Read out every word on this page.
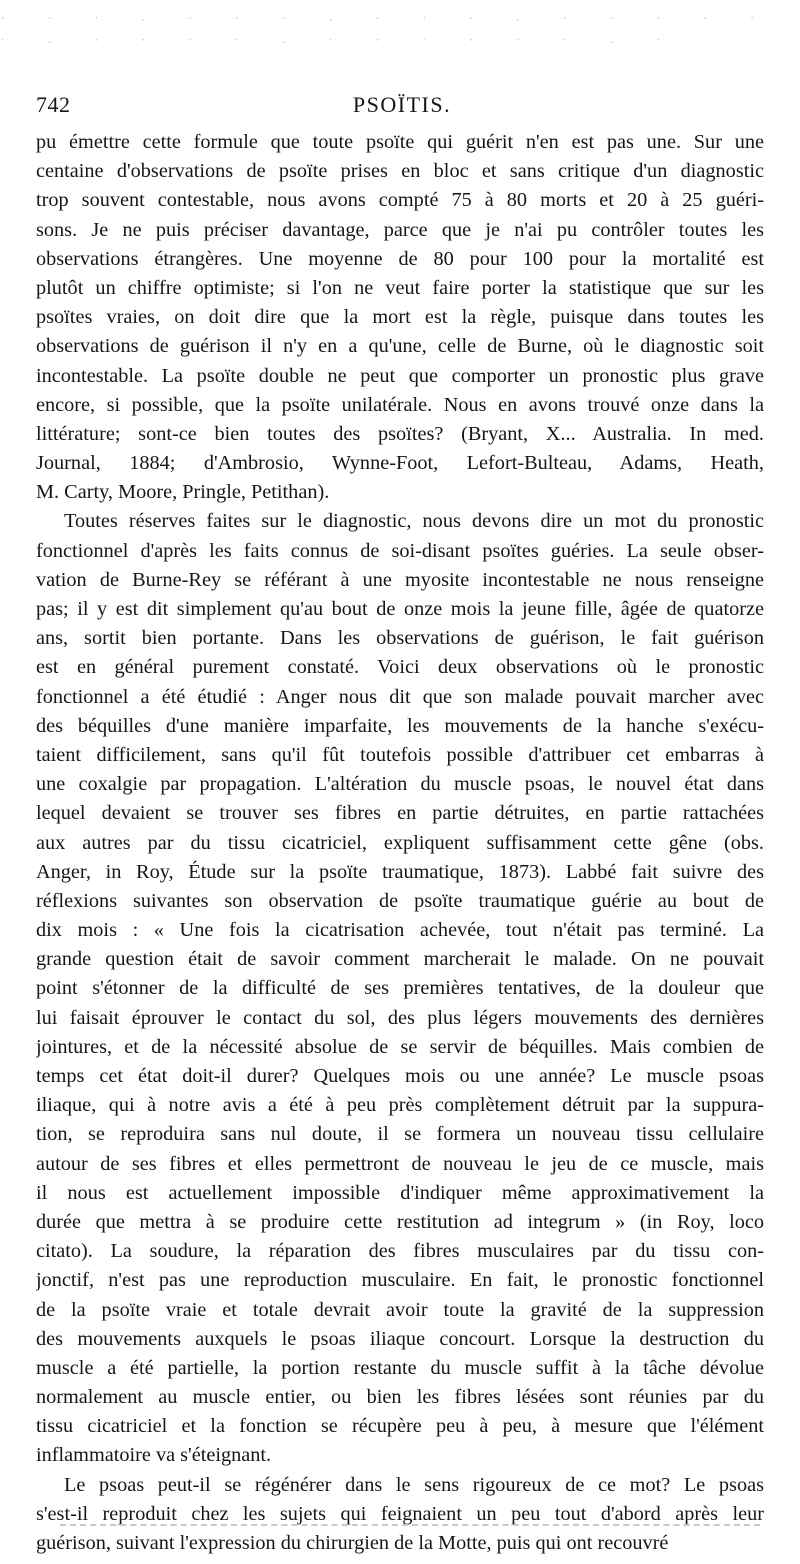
· · · . · · · . · · · . · · · · ·
· . · · · · . · · · · · · . ·
742	PSOÏTIS.

pu émettre cette formule que toute psoïte qui guérit n'en est pas une. Sur une
centaine d'observations de psoïte prises en bloc et sans critique d'un diagnostic
trop souvent contestable, nous avons compté 75 à 80 morts et 20 à 25 guéri-
sons. Je ne puis préciser davantage, parce que je n'ai pu contrôler toutes les
observations étrangères. Une moyenne de 80 pour 100 pour la mortalité est
plutôt un chiffre optimiste; si l'on ne veut faire porter la statistique que sur les
psoïtes vraies, on doit dire que la mort est la règle, puisque dans toutes les
observations de guérison il n'y en a qu'une, celle de Burne, où le diagnostic soit
incontestable. La psoïte double ne peut que comporter un pronostic plus grave
encore, si possible, que la psoïte unilatérale. Nous en avons trouvé onze dans la
littérature; sont-ce bien toutes des psoïtes? (Bryant, X... Australia. In med.
Journal, 1884; d'Ambrosio, Wynne-Foot, Lefort-Bulteau, Adams, Heath,
M. Carty, Moore, Pringle, Petithan).

Toutes réserves faites sur le diagnostic, nous devons dire un mot du pronostic
fonctionnel d'après les faits connus de soi-disant psoïtes guéries. La seule obser-
vation de Burne-Rey se référant à une myosite incontestable ne nous renseigne
pas; il y est dit simplement qu'au bout de onze mois la jeune fille, âgée de quatorze
ans, sortit bien portante. Dans les observations de guérison, le fait guérison
est en général purement constaté. Voici deux observations où le pronostic
fonctionnel a été étudié : Anger nous dit que son malade pouvait marcher avec
des béquilles d'une manière imparfaite, les mouvements de la hanche s'exécu-
taient difficilement, sans qu'il fût toutefois possible d'attribuer cet embarras à
une coxalgie par propagation. L'altération du muscle psoas, le nouvel état dans
lequel devaient se trouver ses fibres en partie détruites, en partie rattachées
aux autres par du tissu cicatriciel, expliquent suffisamment cette gêne (obs.
Anger, in Roy, Étude sur la psoïte traumatique, 1873). Labbé fait suivre des
réflexions suivantes son observation de psoïte traumatique guérie au bout de
dix mois : « Une fois la cicatrisation achevée, tout n'était pas terminé. La
grande question était de savoir comment marcherait le malade. On ne pouvait
point s'étonner de la difficulté de ses premières tentatives, de la douleur que
lui faisait éprouver le contact du sol, des plus légers mouvements des dernières
jointures, et de la nécessité absolue de se servir de béquilles. Mais combien de
temps cet état doit-il durer? Quelques mois ou une année? Le muscle psoas
iliaque, qui à notre avis a été à peu près complètement détruit par la suppura-
tion, se reproduira sans nul doute, il se formera un nouveau tissu cellulaire
autour de ses fibres et elles permettront de nouveau le jeu de ce muscle, mais
il nous est actuellement impossible d'indiquer même approximativement la
durée que mettra à se produire cette restitution ad integrum » (in Roy, loco
citato). La soudure, la réparation des fibres musculaires par du tissu con-
jonctif, n'est pas une reproduction musculaire. En fait, le pronostic fonctionnel
de la psoïte vraie et totale devrait avoir toute la gravité de la suppression
des mouvements auxquels le psoas iliaque concourt. Lorsque la destruction du
muscle a été partielle, la portion restante du muscle suffit à la tâche dévolue
normalement au muscle entier, ou bien les fibres lésées sont réunies par du
tissu cicatriciel et la fonction se récupère peu à peu, à mesure que l'élément
inflammatoire va s'éteignant.

Le psoas peut-il se régénérer dans le sens rigoureux de ce mot? Le psoas
s'est-il reproduit chez les sujets qui feignaient un peu tout d'abord après leur
guérison, suivant l'expression du chirurgien de la Motte, puis qui ont recouvré
